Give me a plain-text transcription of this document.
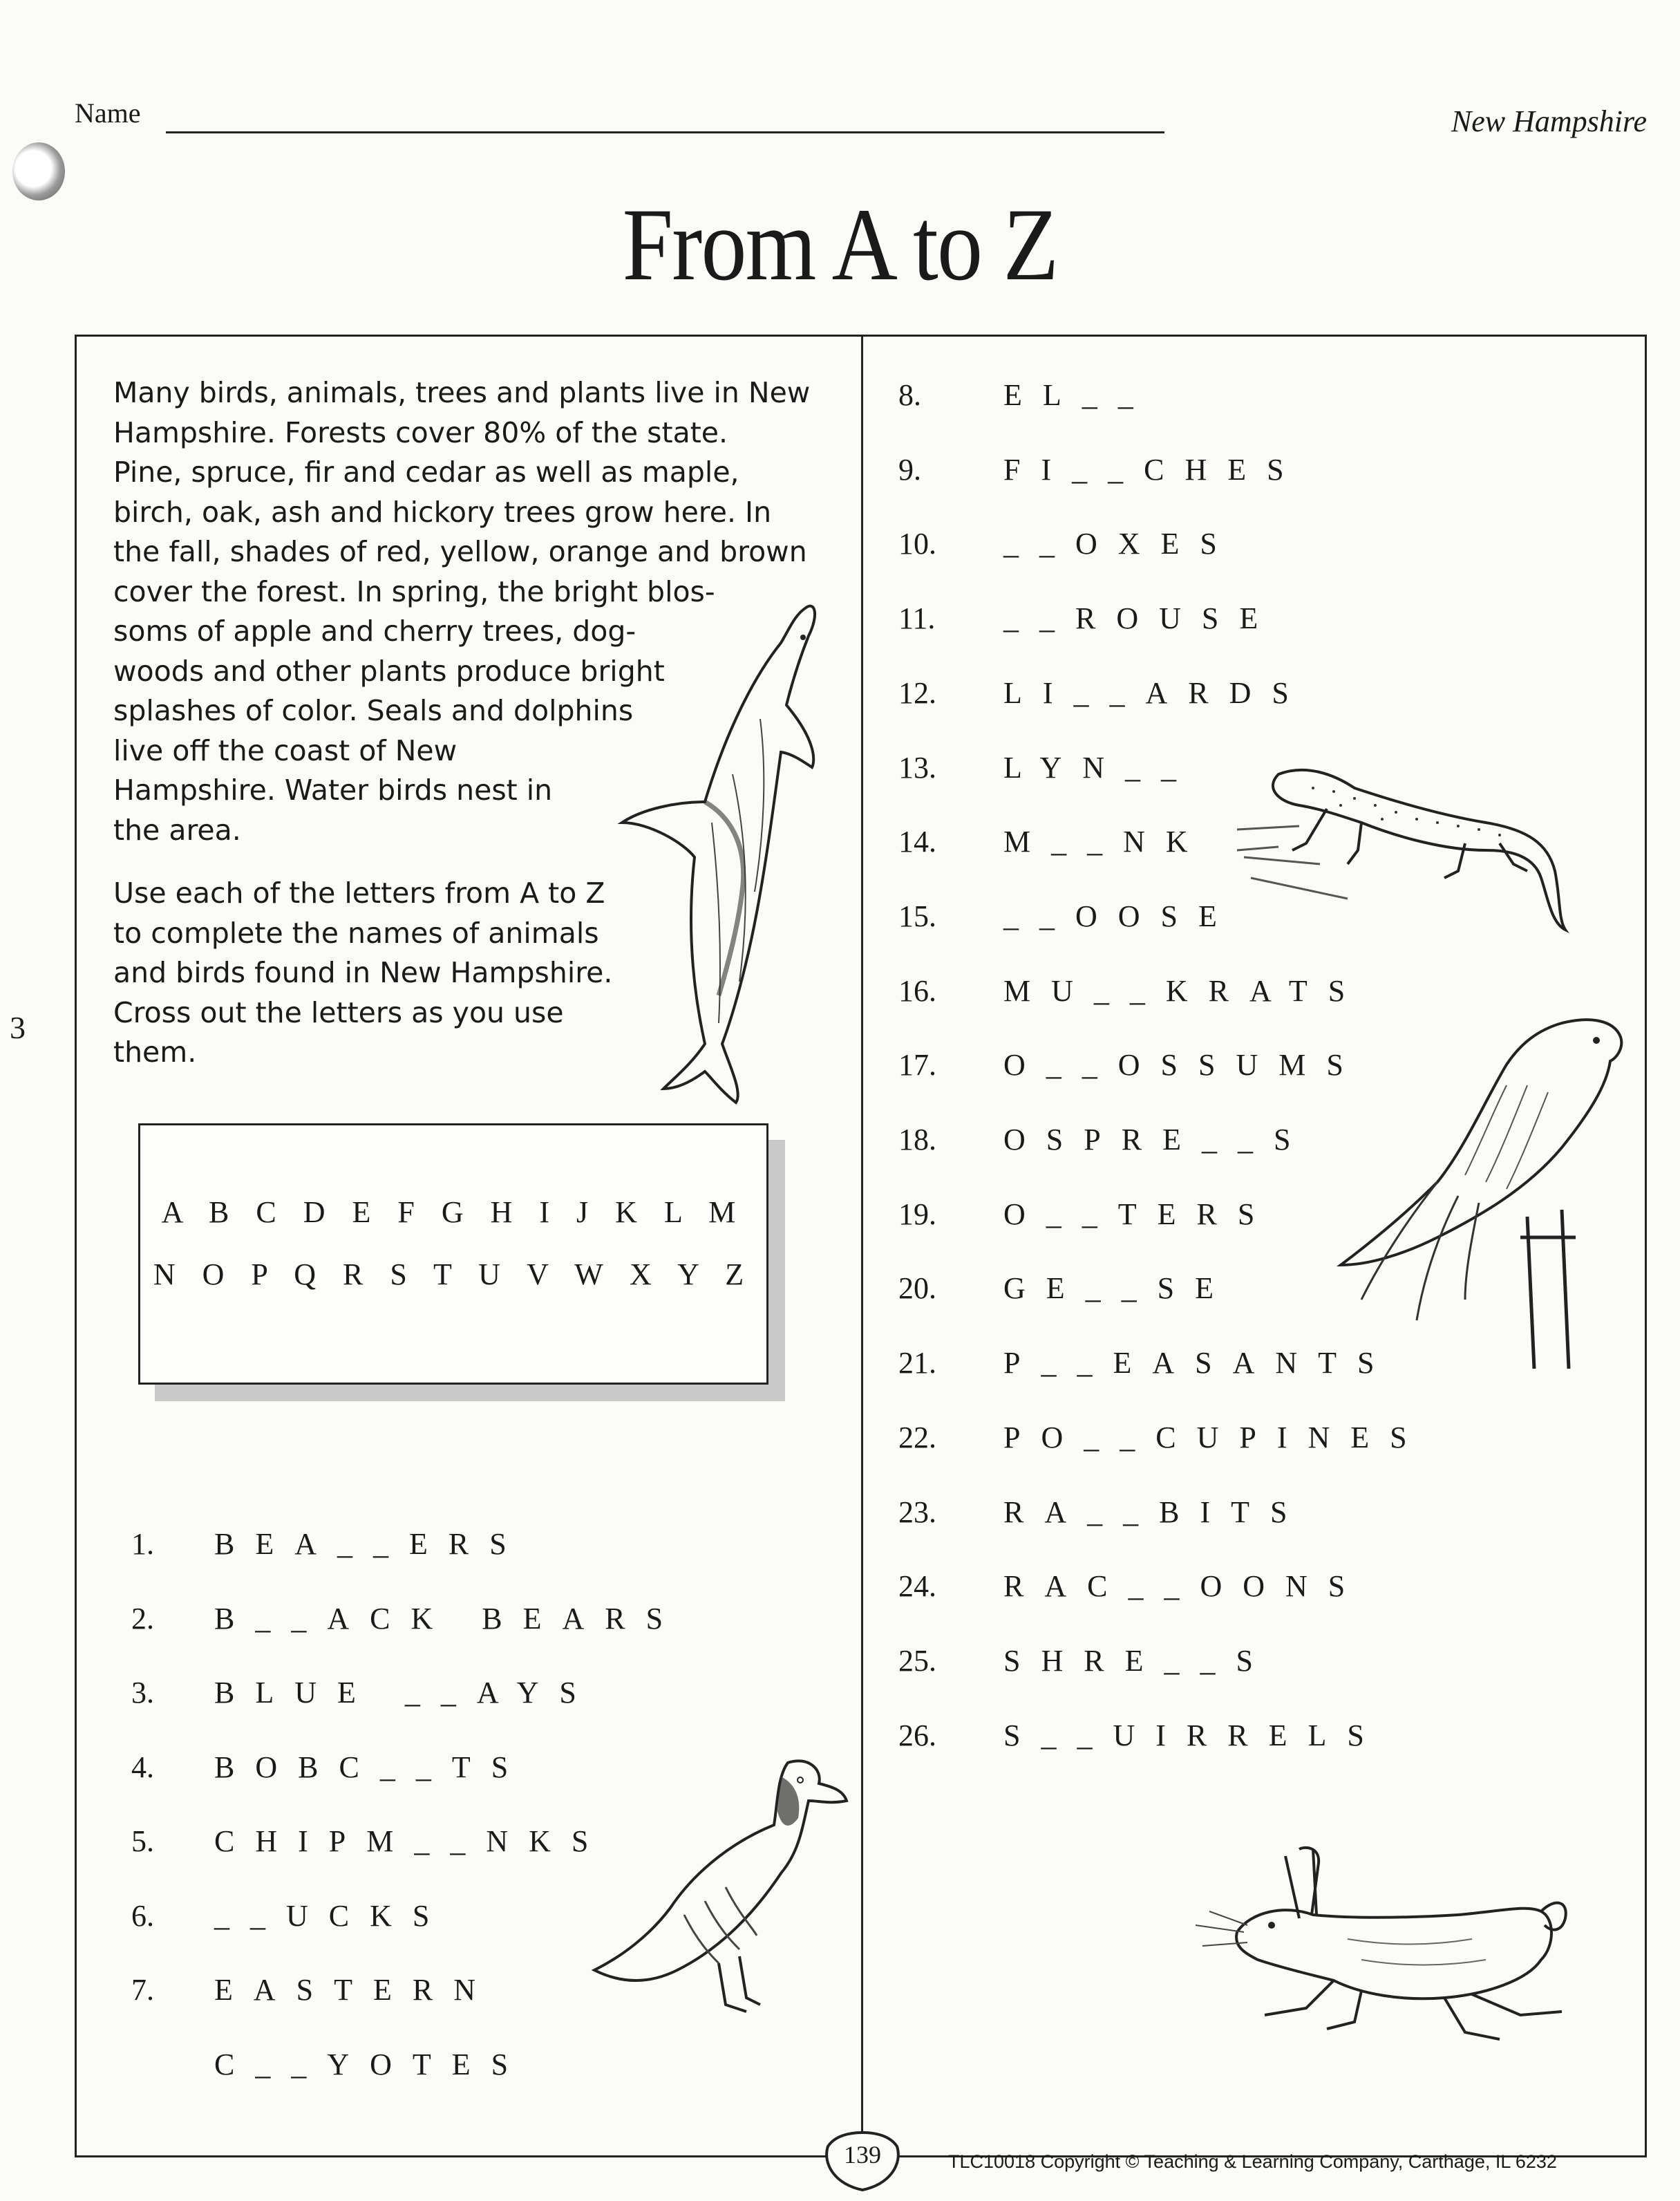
3
Name	New Hampshire
From A to Z
Many birds, animals, trees and plants live in New
Hampshire. Forests cover 80% of the state.
Pine, spruce, fir and cedar as well as maple,
birch, oak, ash and hickory trees grow here. In
the fall, shades of red, yellow, orange and brown
cover the forest. In spring, the bright blos-
soms of apple and cherry trees, dog-
woods and other plants produce bright
splashes of color. Seals and dolphins
live off the coast of New
Hampshire. Water birds nest in
the area.
Use each of the letters from A to Z
to complete the names of animals
and birds found in New Hampshire.
Cross out the letters as you use
them.
A B C D E F G H I J K L M
N O P Q R S T U V W X Y Z
1. BEA__ERS
2. B__ACK BEARS
3. BLUE __AYS
4. BOBC__TS
5. CHIPM__NKS
6. __UCKS
7. EASTERN
C__YOTES
8.	EL__
9.	FI__CHES
10. __OXES
11. __ROUSE
12. LI__ARDS
13. LYN__
14. M__NK
15. __OOSE
16. MU__KRATS
17. O__OSSUMS
18. OSPRE__S
19. O__TERS
20. GE__SE
21. P__EASANTS
22. PO__CUPINES
23. RA__BITS
24. RAC__OONS
25. SHRE__S
26. S__UIRRELS
139	TLC10018 Copyright © Teaching & Learning Company, Carthage, IL 6232
